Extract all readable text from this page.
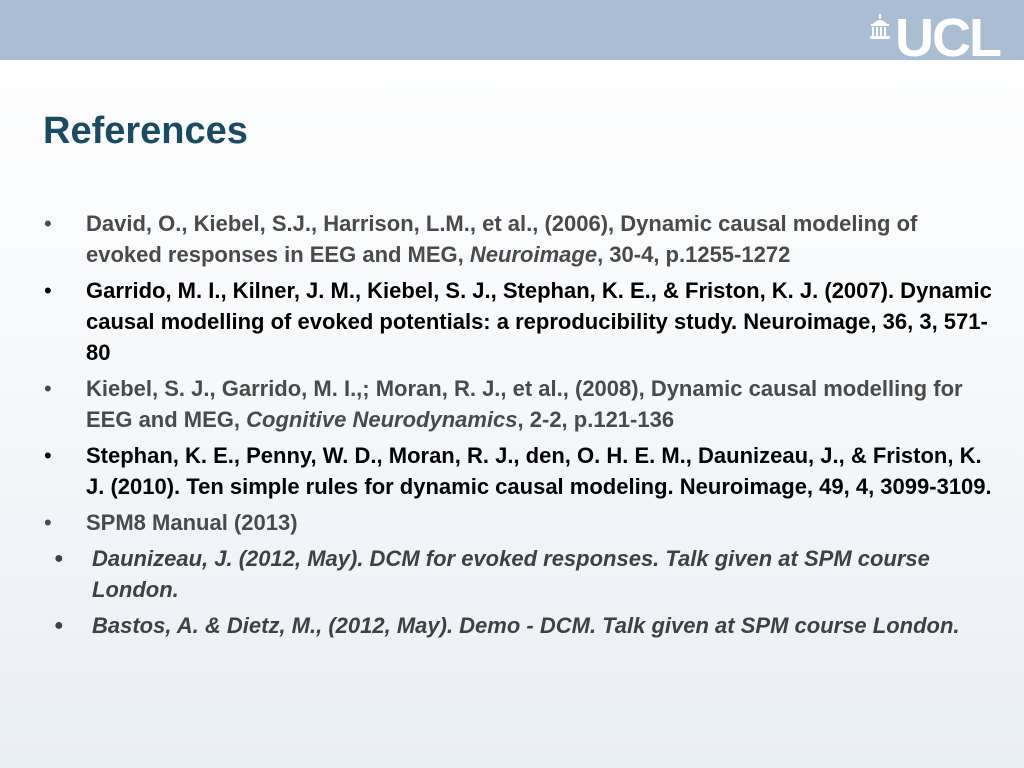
UCL
References
•	David, O., Kiebel, S.J., Harrison, L.M., et al., (2006), Dynamic causal modeling of evoked responses in EEG and MEG, Neuroimage, 30-4, p.1255-1272
•	Garrido, M. I., Kilner, J. M., Kiebel, S. J., Stephan, K. E., & Friston, K. J. (2007). Dynamic causal modelling of evoked potentials: a reproducibility study. Neuroimage, 36, 3, 571-80
•	Kiebel, S. J., Garrido, M. I.,; Moran, R. J., et al., (2008), Dynamic causal modelling for EEG and MEG, Cognitive Neurodynamics, 2-2, p.121-136
•	Stephan, K. E., Penny, W. D., Moran, R. J., den, O. H. E. M., Daunizeau, J., & Friston, K. J. (2010). Ten simple rules for dynamic causal modeling. Neuroimage, 49, 4, 3099-3109.
•	SPM8 Manual (2013)
●	Daunizeau, J. (2012, May). DCM for evoked responses. Talk given at SPM course London.
●	Bastos, A. & Dietz, M., (2012, May). Demo - DCM. Talk given at SPM course London.
